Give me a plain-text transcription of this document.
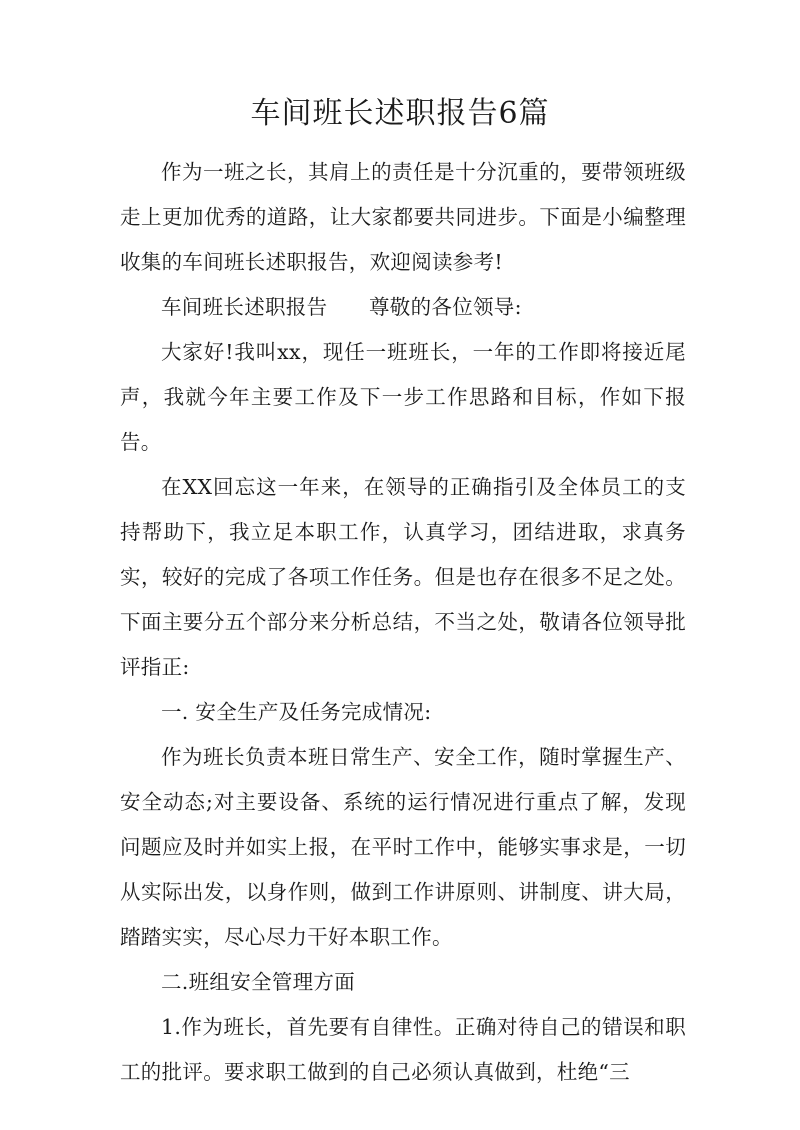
车间班长述职报告6篇

作为一班之长，其肩上的责任是十分沉重的，要带领班级走上更加优秀的道路，让大家都要共同进步。下面是小编整理收集的车间班长述职报告，欢迎阅读参考!

车间班长述职报告　　尊敬的各位领导:

大家好!我叫xx，现任一班班长，一年的工作即将接近尾声，我就今年主要工作及下一步工作思路和目标，作如下报告。

在XX回忘这一年来，在领导的正确指引及全体员工的支持帮助下，我立足本职工作，认真学习，团结进取，求真务实，较好的完成了各项工作任务。但是也存在很多不足之处。下面主要分五个部分来分析总结，不当之处，敬请各位领导批评指正:

一. 安全生产及任务完成情况:

作为班长负责本班日常生产、安全工作，随时掌握生产、安全动态;对主要设备、系统的运行情况进行重点了解，发现问题应及时并如实上报，在平时工作中，能够实事求是，一切从实际出发，以身作则，做到工作讲原则、讲制度、讲大局，踏踏实实，尽心尽力干好本职工作。

二.班组安全管理方面

1.作为班长，首先要有自律性。正确对待自己的错误和职工的批评。要求职工做到的自己必须认真做到，杜绝“三
